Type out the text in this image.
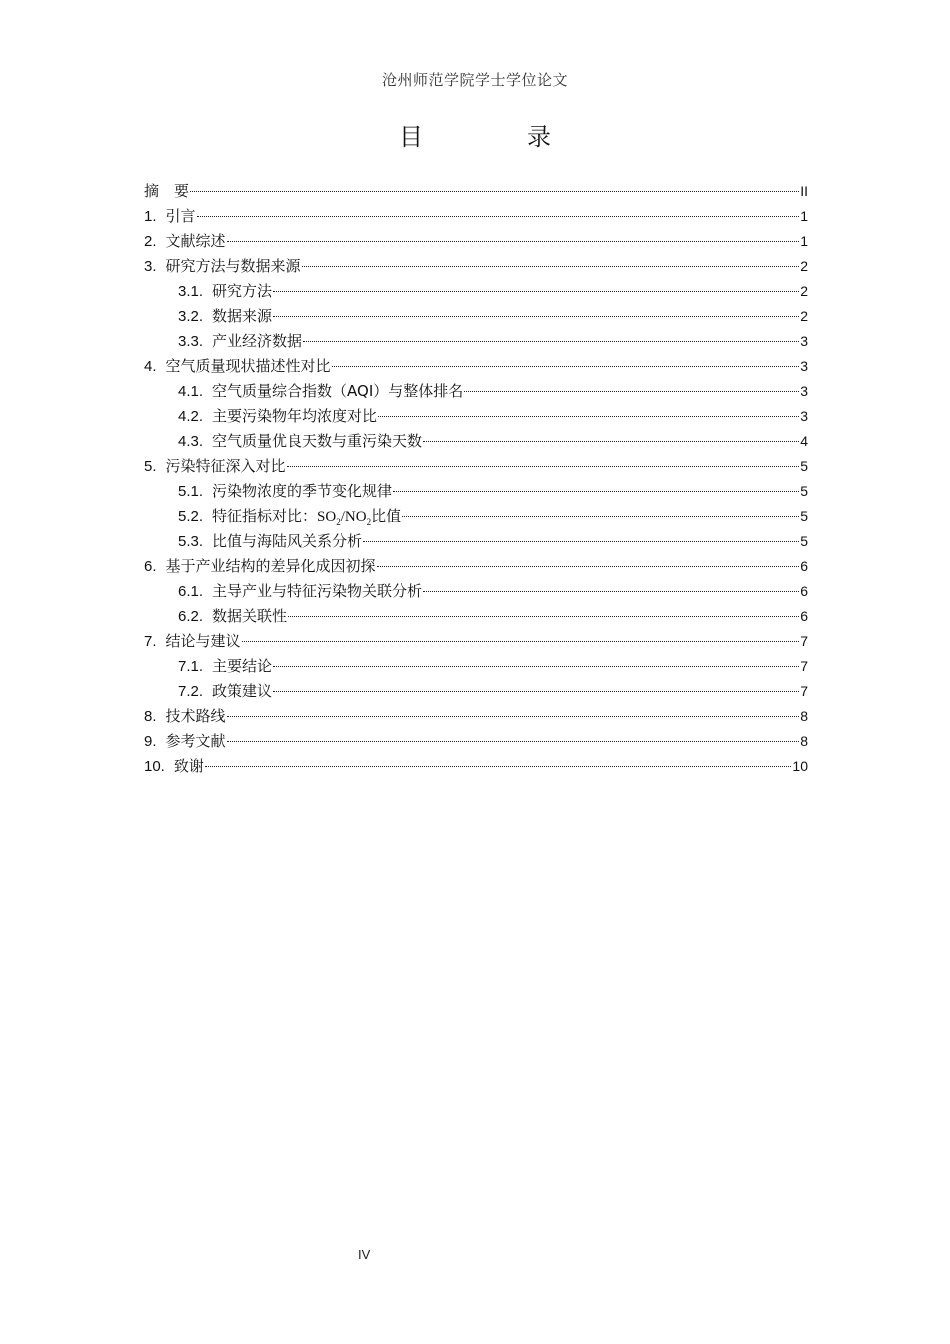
沧州师范学院学士学位论文
目　录
摘　要	II
1. 引言	1
2. 文献综述	1
3. 研究方法与数据来源	2
3.1. 研究方法	2
3.2. 数据来源	2
3.3. 产业经济数据	3
4. 空气质量现状描述性对比	3
4.1. 空气质量综合指数（AQI）与整体排名	3
4.2. 主要污染物年均浓度对比	3
4.3. 空气质量优良天数与重污染天数	4
5. 污染特征深入对比	5
5.1. 污染物浓度的季节变化规律	5
5.2. 特征指标对比：$SO_2/NO_2$比值	5
5.3. 比值与海陆风关系分析	5
6. 基于产业结构的差异化成因初探	6
6.1. 主导产业与特征污染物关联分析	6
6.2. 数据关联性	6
7. 结论与建议	7
7.1. 主要结论	7
7.2. 政策建议	7
8. 技术路线	8
9. 参考文献	8
10. 致谢	10
IV
